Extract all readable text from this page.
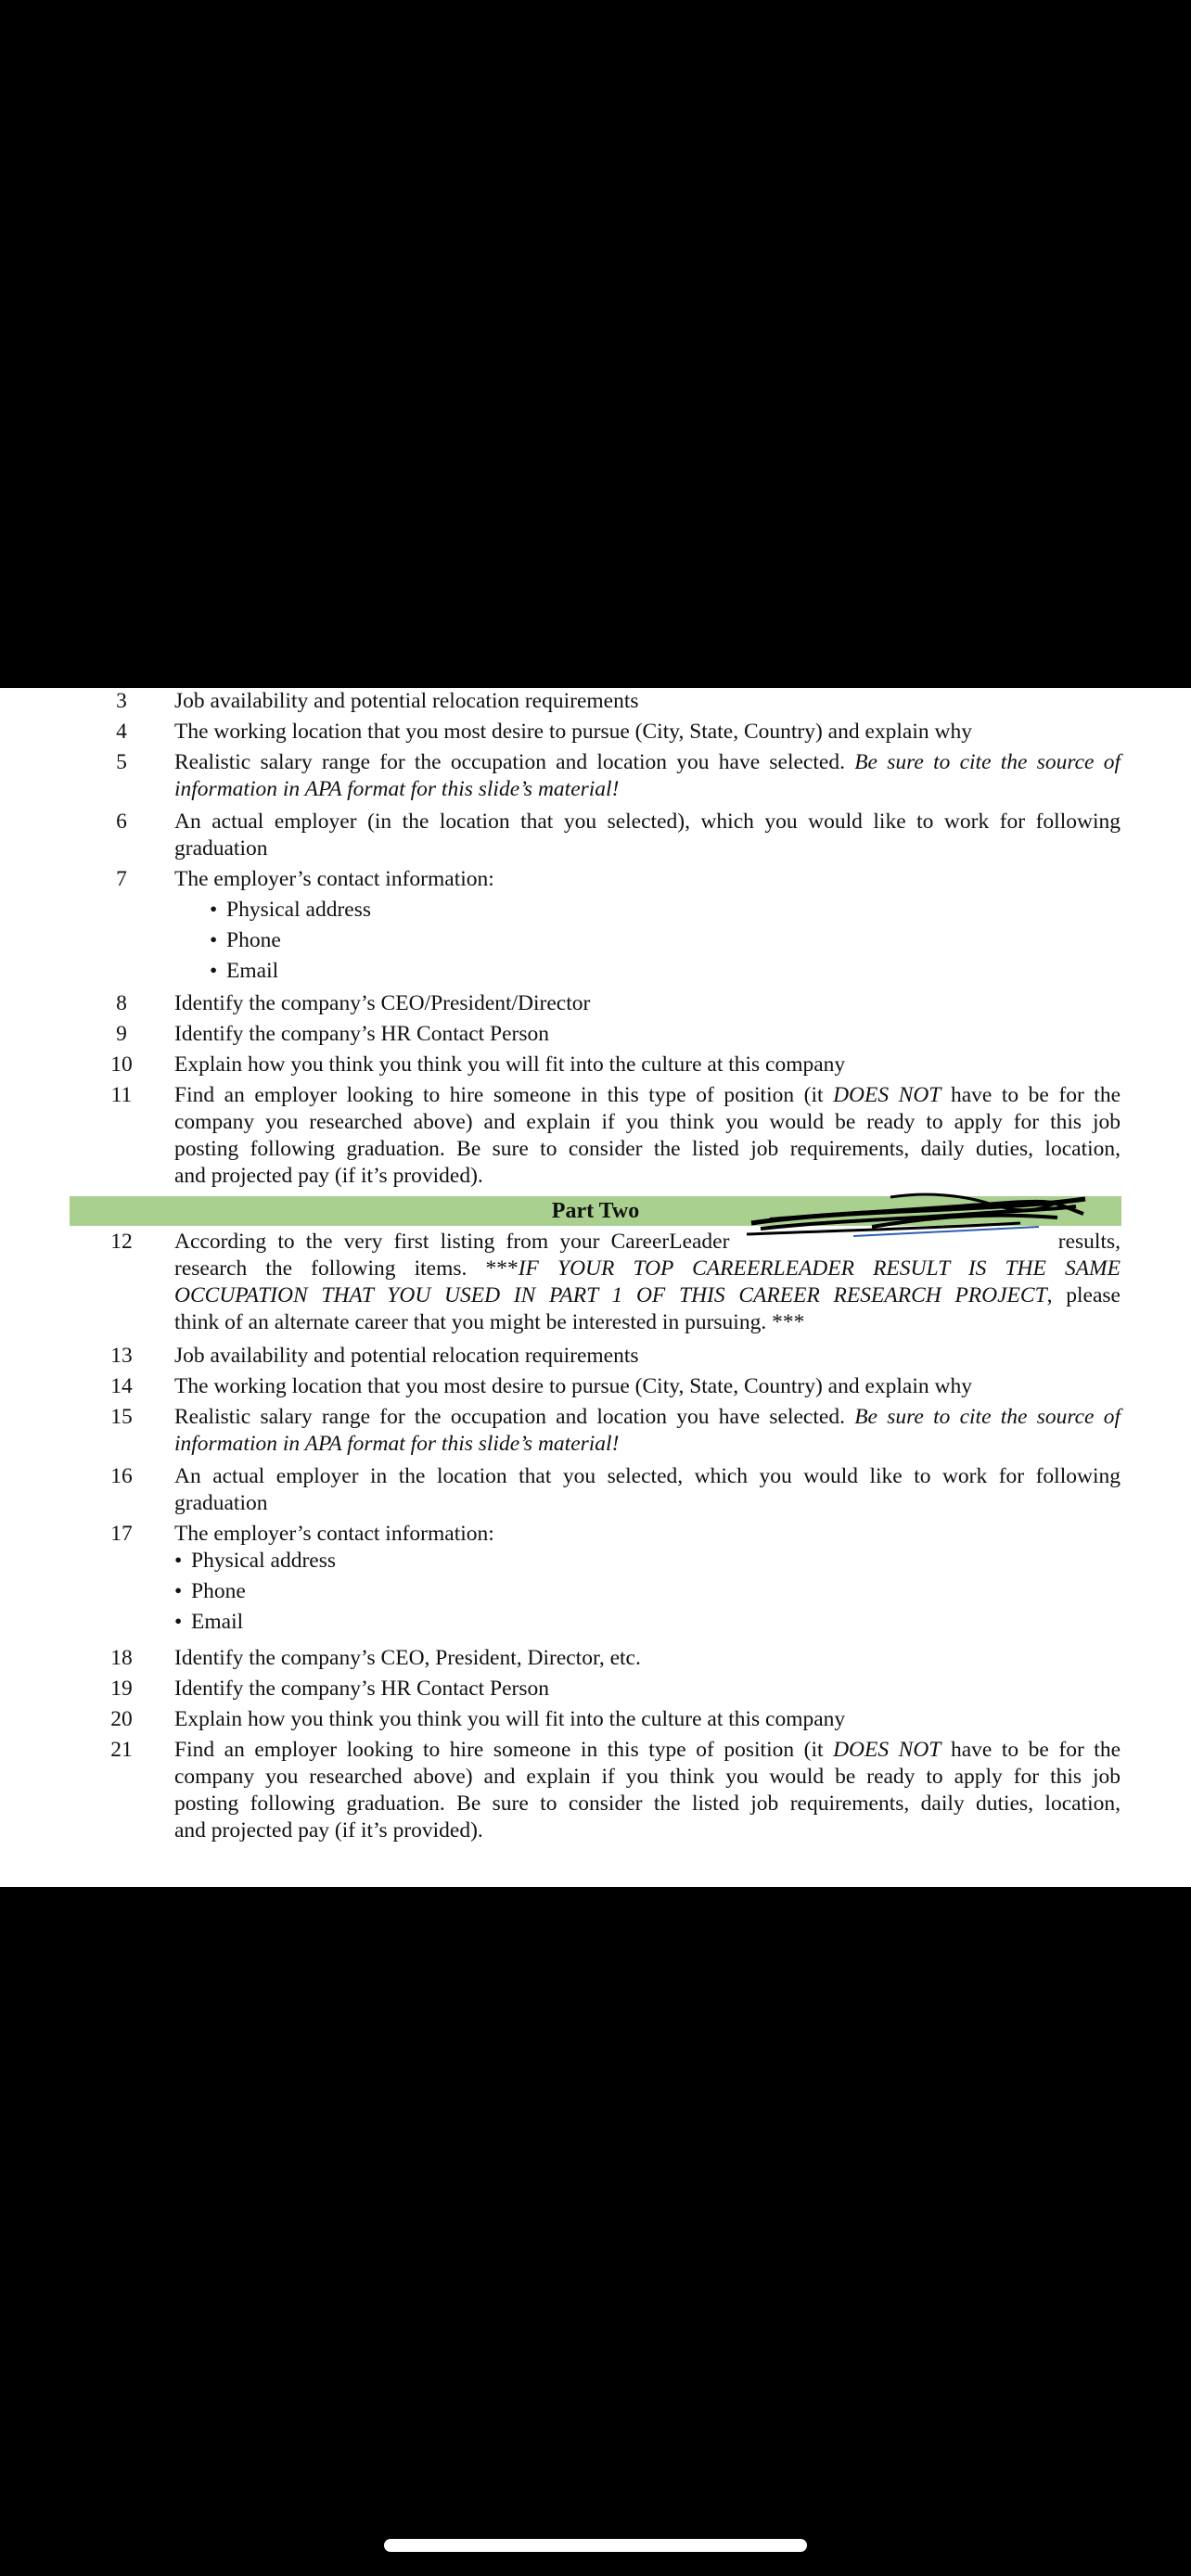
3	Job availability and potential relocation requirements
4	The working location that you most desire to pursue (City, State, Country) and explain why
5	Realistic salary range for the occupation and location you have selected. Be sure to cite the source of
information in APA format for this slide’s material!
6	An actual employer (in the location that you selected), which you would like to work for following
graduation
7	The employer’s contact information:
• Physical address
• Phone
• Email
8	Identify the company’s CEO/President/Director
9	Identify the company’s HR Contact Person
10	Explain how you think you think you will fit into the culture at this company
11	Find an employer looking to hire someone in this type of position (it DOES NOT have to be for the
company you researched above) and explain if you think you would be ready to apply for this job
posting following graduation. Be sure to consider the listed job requirements, daily duties, location,
and projected pay (if it’s provided).
Part Two
12	According to the very first listing from your CareerLeader	results,
research the following items. ***IF YOUR TOP CAREERLEADER RESULT IS THE SAME
OCCUPATION THAT YOU USED IN PART 1 OF THIS CAREER RESEARCH PROJECT, please
think of an alternate career that you might be interested in pursuing. ***
13	Job availability and potential relocation requirements
14	The working location that you most desire to pursue (City, State, Country) and explain why
15	Realistic salary range for the occupation and location you have selected. Be sure to cite the source of
information in APA format for this slide’s material!
16	An actual employer in the location that you selected, which you would like to work for following
graduation
17	The employer’s contact information:
• Physical address
• Phone
• Email
18	Identify the company’s CEO, President, Director, etc.
19	Identify the company’s HR Contact Person
20	Explain how you think you think you will fit into the culture at this company
21	Find an employer looking to hire someone in this type of position (it DOES NOT have to be for the
company you researched above) and explain if you think you would be ready to apply for this job
posting following graduation. Be sure to consider the listed job requirements, daily duties, location,
and projected pay (if it’s provided).
